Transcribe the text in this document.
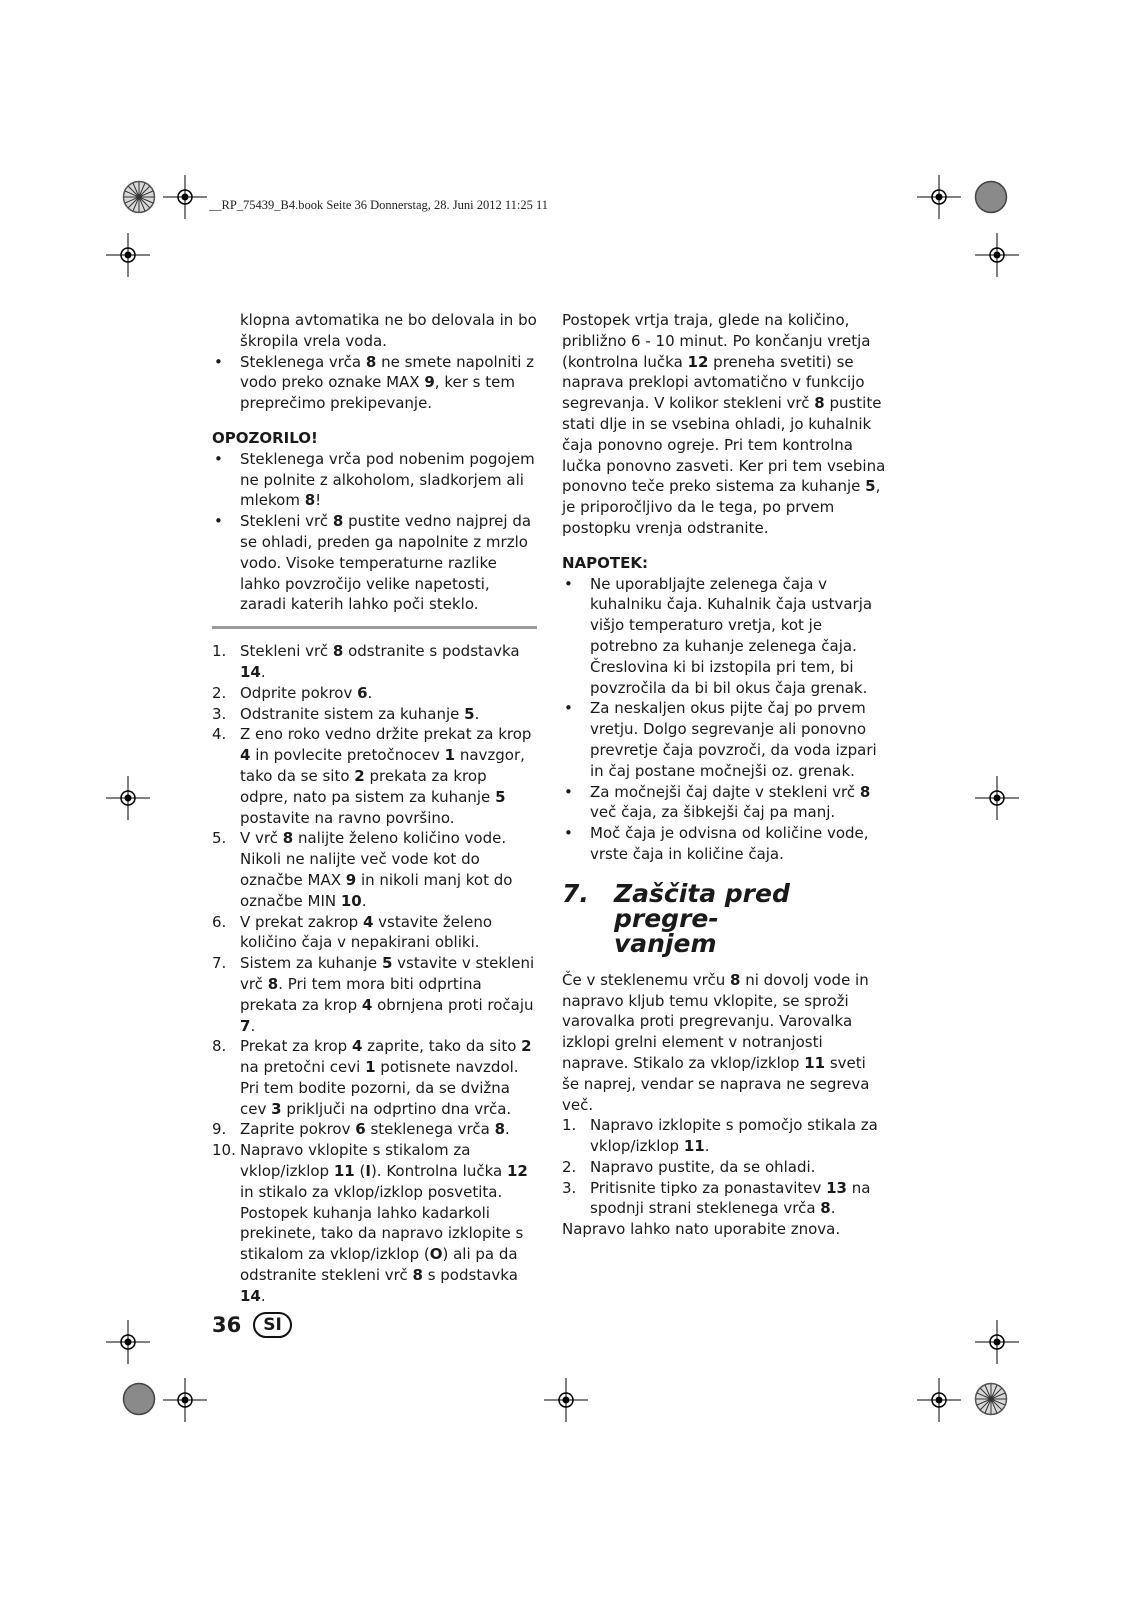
__RP_75439_B4.book Seite 36 Donnerstag, 28. Juni 2012 11:25 11

klopna avtomatika ne bo delovala in bo škropila vrela voda.

• Steklenega vrča 8 ne smete napolniti z vodo preko oznake MAX 9, ker s tem preprečimo prekipevanje.

OPOZORILO!

• Steklenega vrča pod nobenim pogojem ne polnite z alkoholom, sladkorjem ali mlekom 8!

• Stekleni vrč 8 pustite vedno najprej da se ohladi, preden ga napolnite z mrzlo vodo. Visoke temperaturne razlike lahko povzročijo velike napetosti, zaradi katerih lahko poči steklo.

1. Stekleni vrč 8 odstranite s podstavka 14.

2. Odprite pokrov 6.

3. Odstranite sistem za kuhanje 5.

4. Z eno roko vedno držite prekat za krop 4 in povlecite pretočnocev 1 navzgor, tako da se sito 2 prekata za krop odpre, nato pa sistem za kuhanje 5 postavite na ravno površino.

5. V vrč 8 nalijte želeno količino vode. Nikoli ne nalijte več vode kot do označbe MAX 9 in nikoli manj kot do označbe MIN 10.

6. V prekat zakrop 4 vstavite želeno količino čaja v nepakirani obliki.

7. Sistem za kuhanje 5 vstavite v stekleni vrč 8. Pri tem mora biti odprtina prekata za krop 4 obrnjena proti ročaju 7.

8. Prekat za krop 4 zaprite, tako da sito 2 na pretočni cevi 1 potisnete navzdol. Pri tem bodite pozorni, da se dvižna cev 3 priključi na odprtino dna vrča.

9. Zaprite pokrov 6 steklenega vrča 8.

10. Napravo vklopite s stikalom za vklop/izklop 11 (I). Kontrolna lučka 12 in stikalo za vklop/izklop posvetita. Postopek kuhanja lahko kadarkoli prekinete, tako da napravo izklopite s stikalom za vklop/izklop (O) ali pa da odstranite stekleni vrč 8 s podstavka 14.

Postopek vrtja traja, glede na količino, približno 6 - 10 minut. Po končanju vretja (kontrolna lučka 12 preneha svetiti) se naprava preklopi avtomatično v funkcijo segrevanja. V kolikor stekleni vrč 8 pustite stati dlje in se vsebina ohladi, jo kuhalnik čaja ponovno ogreje. Pri tem kontrolna lučka ponovno zasveti. Ker pri tem vsebina ponovno teče preko sistema za kuhanje 5, je priporočljivo da le tega, po prvem postopku vrenja odstranite.

NAPOTEK:

• Ne uporabljajte zelenega čaja v kuhalniku čaja. Kuhalnik čaja ustvarja višjo temperaturo vretja, kot je potrebno za kuhanje zelenega čaja. Čreslovina ki bi izstopila pri tem, bi povzročila da bi bil okus čaja grenak.

• Za neskaljen okus pijte čaj po prvem vretju. Dolgo segrevanje ali ponovno prevretje čaja povzroči, da voda izpari in čaj postane močnejši oz. grenak.

• Za močnejši čaj dajte v stekleni vrč 8 več čaja, za šibkejši čaj pa manj.

• Moč čaja je odvisna od količine vode, vrste čaja in količine čaja.

7. Zaščita pred pregre-
vanjem

Če v steklenemu vrču 8 ni dovolj vode in napravo kljub temu vklopite, se sproži varovalka proti pregrevanju. Varovalka izklopi grelni element v notranjosti naprave. Stikalo za vklop/izklop 11 sveti še naprej, vendar se naprava ne segreva več.

1. Napravo izklopite s pomočjo stikala za vklop/izklop 11.

2. Napravo pustite, da se ohladi.

3. Pritisnite tipko za ponastavitev 13 na spodnji strani steklenega vrča 8.

Napravo lahko nato uporabite znova.

36	SI
